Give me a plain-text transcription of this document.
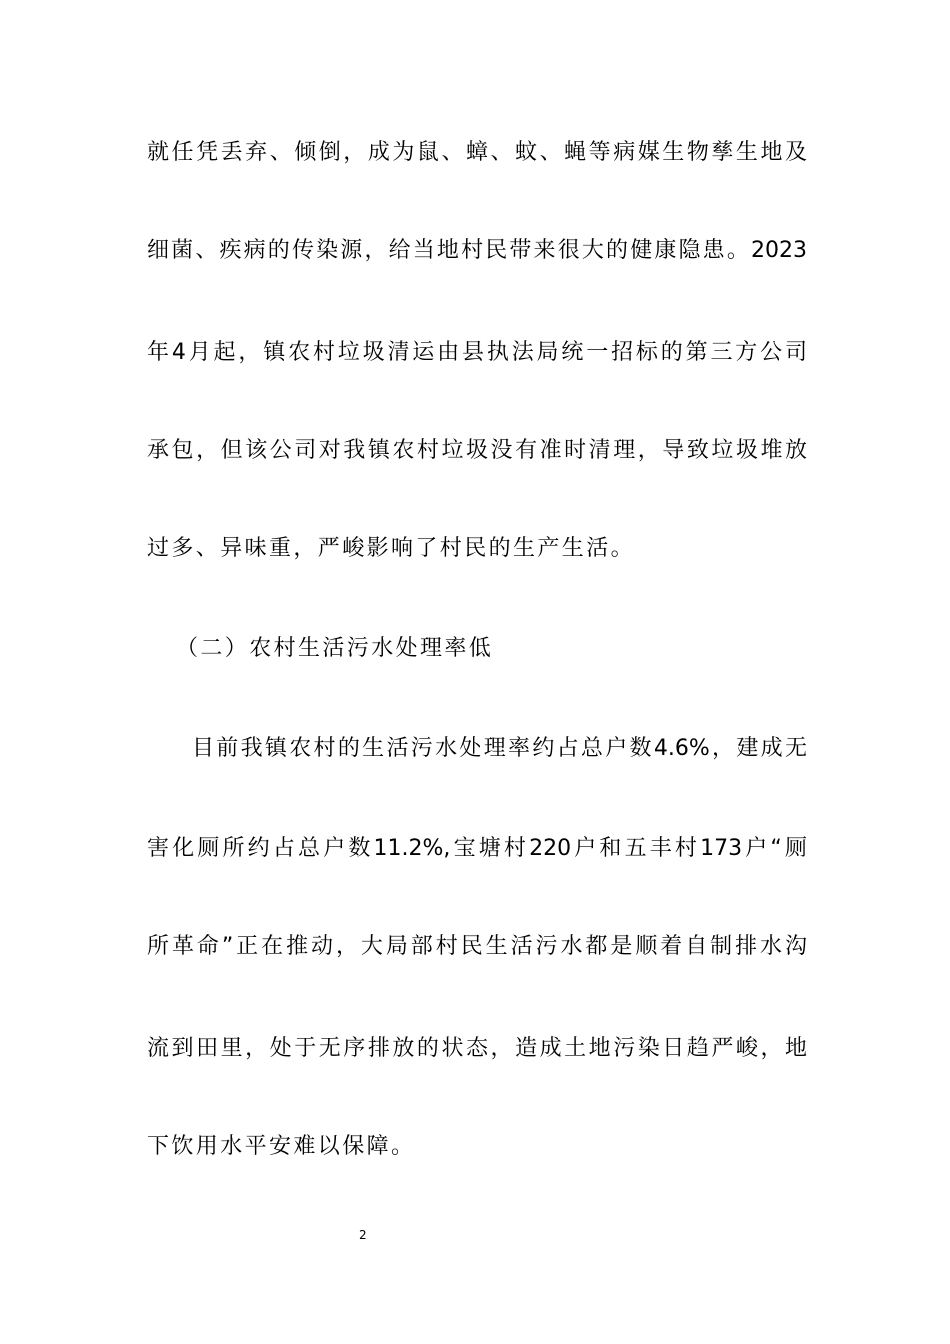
就任凭丢弃、倾倒，成为鼠、蟑、蚊、蝇等病媒生物孳生地及
细菌、疾病的传染源，给当地村民带来很大的健康隐患。2023
年4月起，镇农村垃圾清运由县执法局统一招标的第三方公司
承包，但该公司对我镇农村垃圾没有准时清理，导致垃圾堆放
过多、异味重，严峻影响了村民的生产生活。
（二）农村生活污水处理率低
目前我镇农村的生活污水处理率约占总户数4.6%，建成无
害化厕所约占总户数11.2%,宝塘村220户和五丰村173户“厕
所革命”正在推动，大局部村民生活污水都是顺着自制排水沟
流到田里，处于无序排放的状态，造成土地污染日趋严峻，地
下饮用水平安难以保障。
2
